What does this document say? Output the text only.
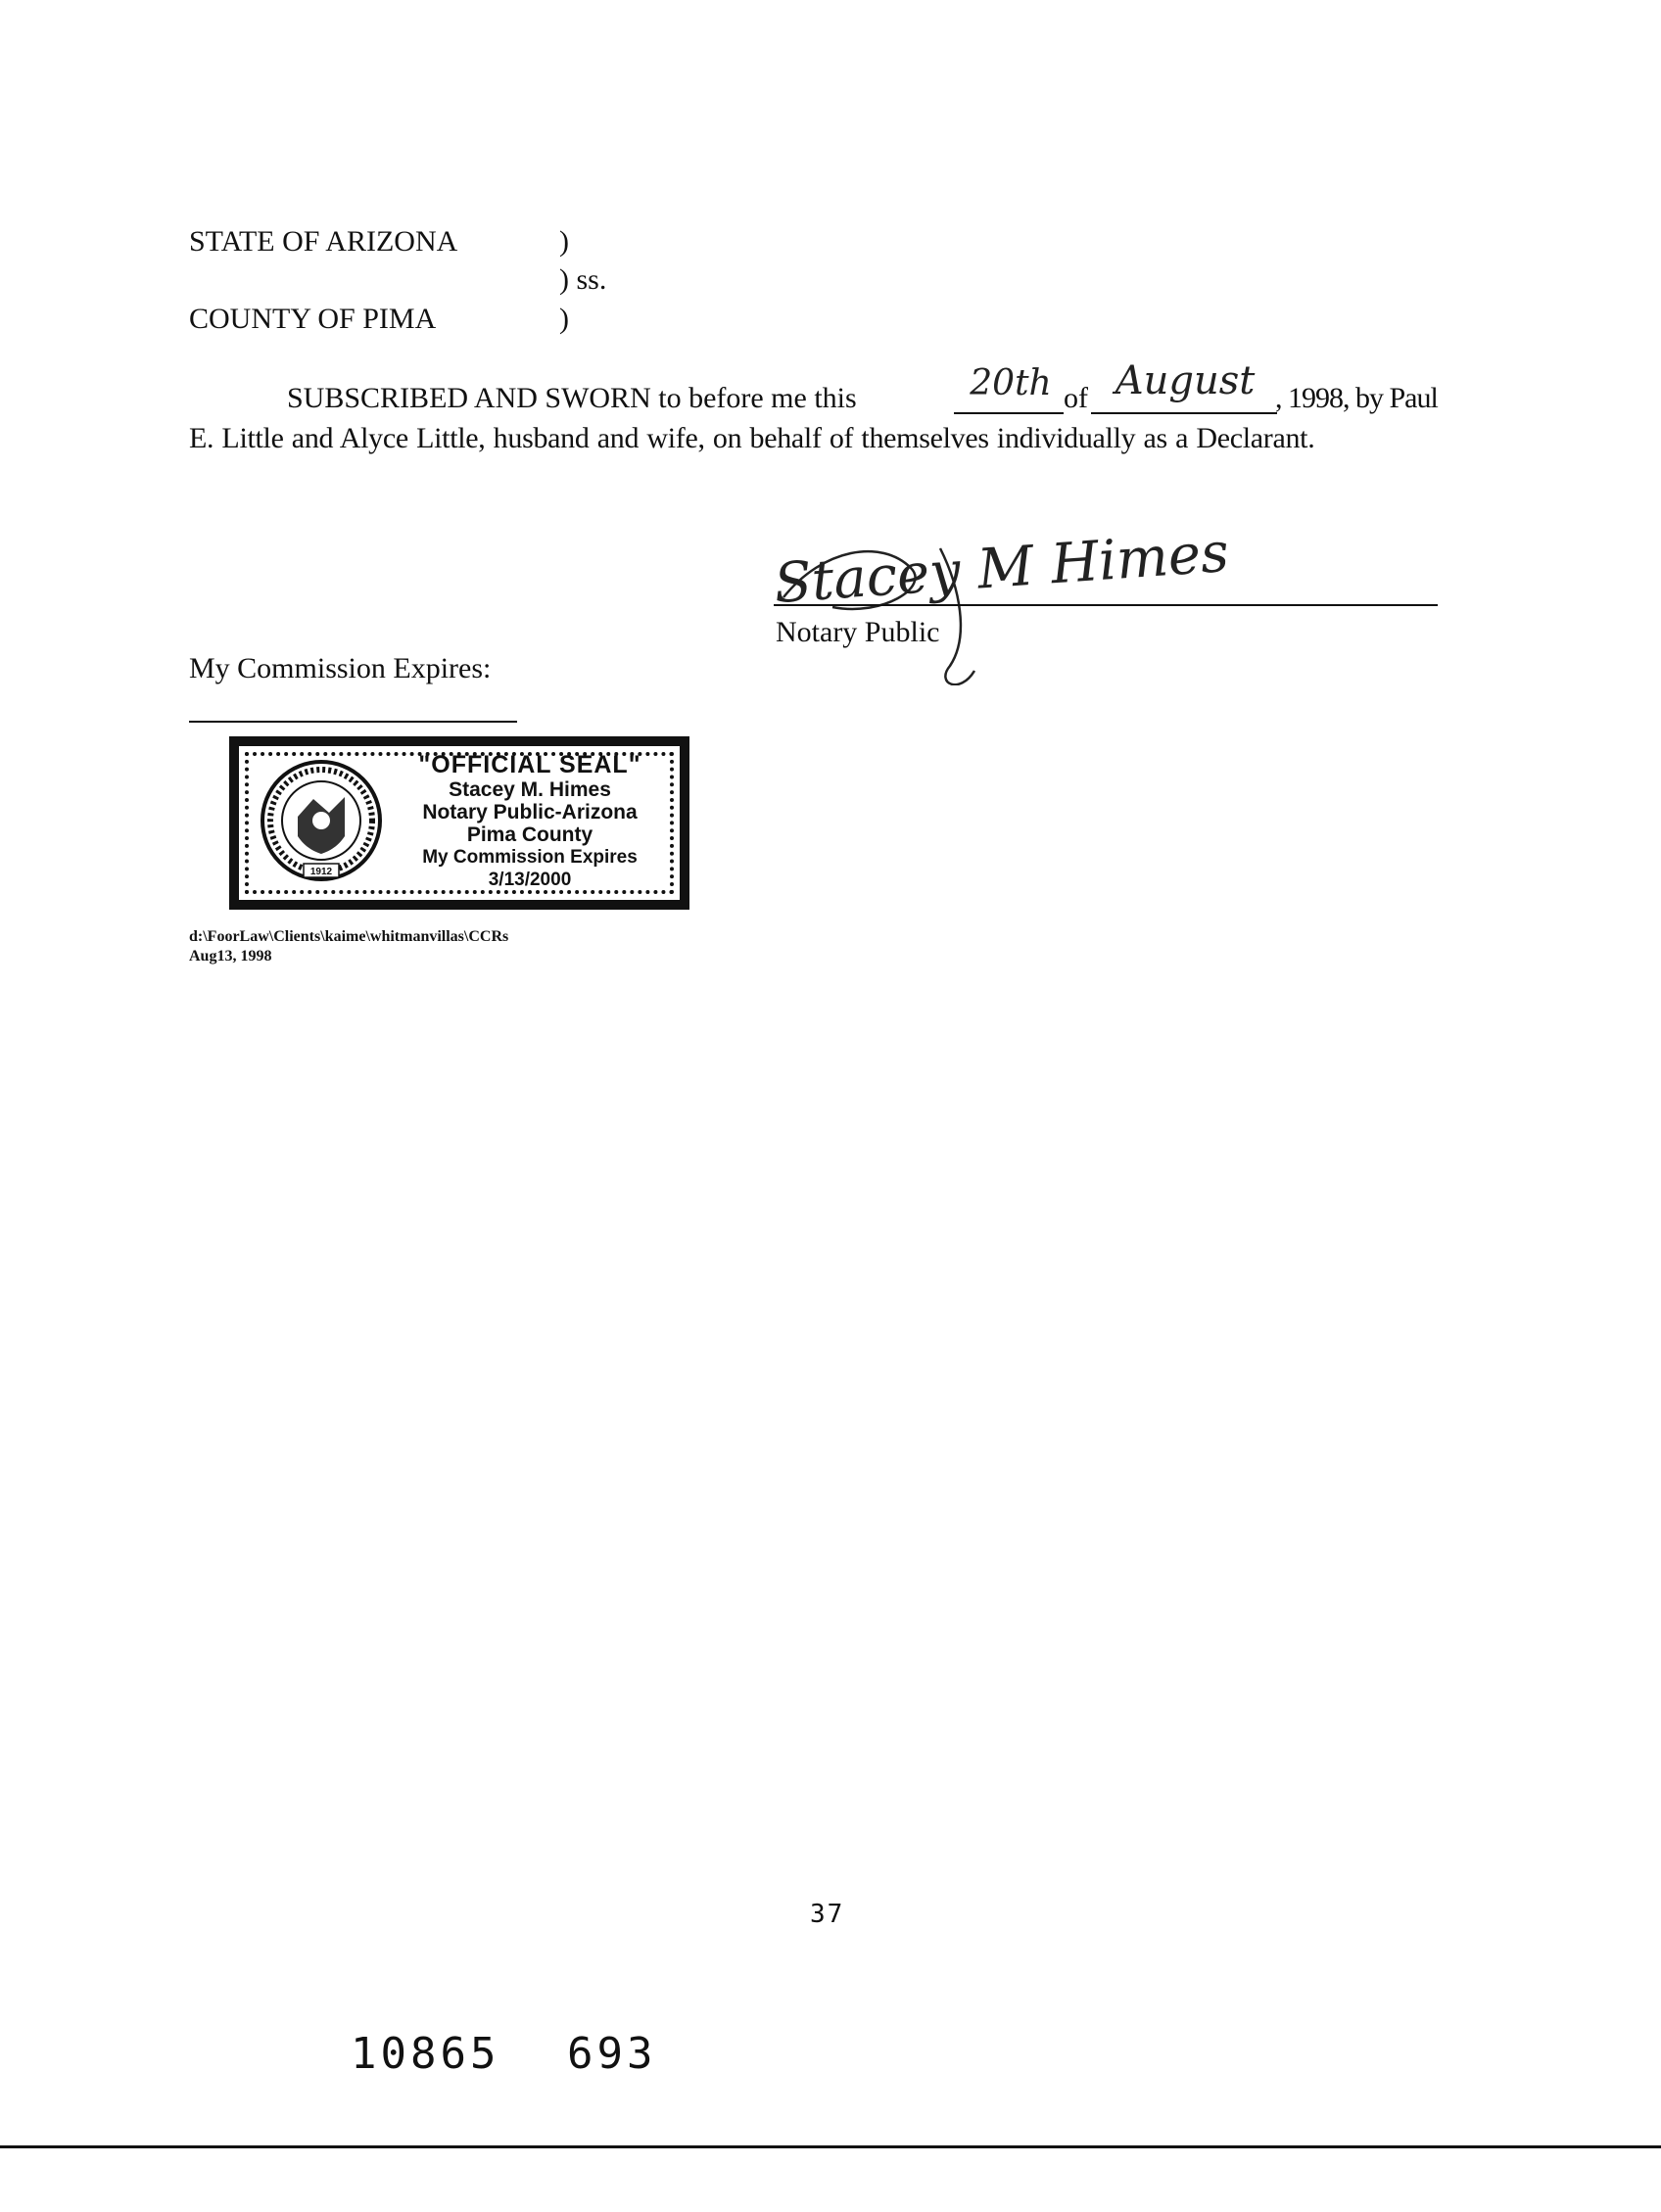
STATE OF ARIZONA	)
) ss.
COUNTY OF PIMA	)
SUBSCRIBED AND SWORN to before me this	20th of August , 1998, by Paul
E. Little and Alyce Little, husband and wife, on behalf of themselves individually as a Declarant.
Stacey M Himes
Notary Public
My Commission Expires:
1912
"OFFICIAL SEAL"
Stacey M. Himes
Notary Public-Arizona
Pima County
My Commission Expires 3/13/2000
d:\FoorLaw\Clients\kaime\whitmanvillas\CCRs
Aug13, 1998
37
10865 693
